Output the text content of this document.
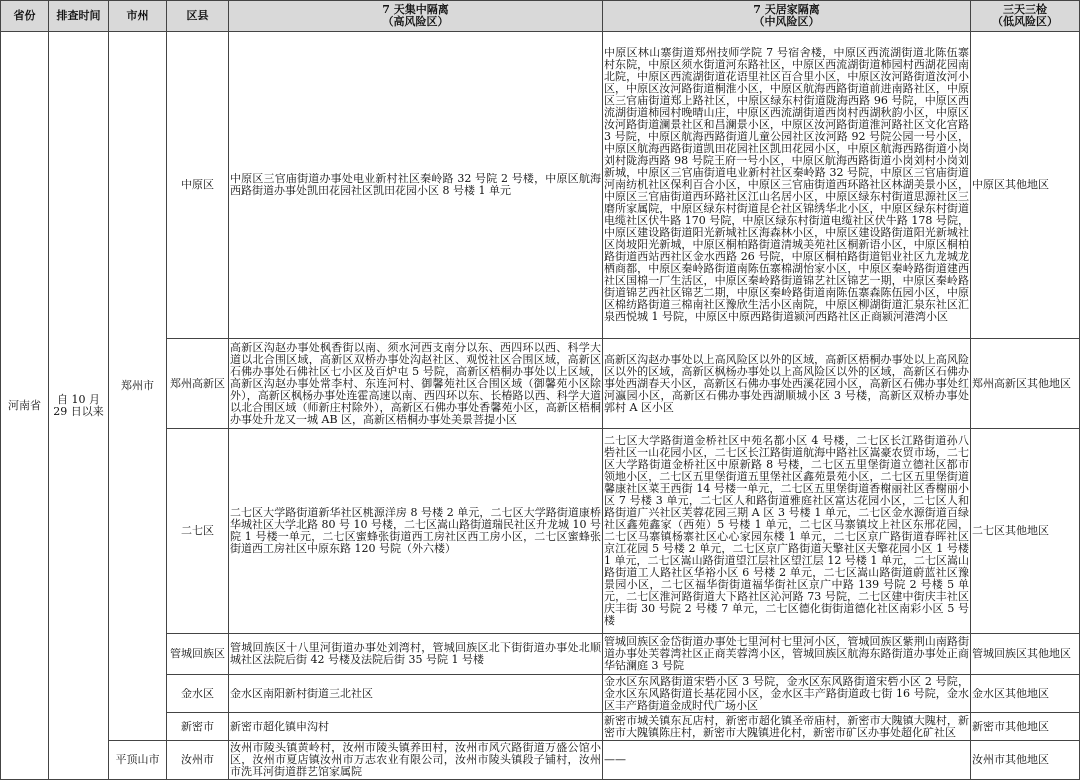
省份	排查时间	市州	区县	7 天集中隔离
（高风险区）	7 天居家隔离
（中风险区）	三天三检
（低风险区）
河南省	自 10 月 29 日以来	郑州市	中原区	中原区三官庙街道办事处电业新村社区秦岭路 32 号院 2 号楼，中原区航海西路街道办事处凯田花园社区凯田花园小区 8 号楼 1 单元	中原区林山寨街道郑州技师学院 7 号宿舍楼，中原区西流湖街道北陈伍寨村东院，中原区须水街道河东路社区，中原区西流湖街道柿园村西湖花园南北院，中原区西流湖街道花语里社区百合里小区，中原区汝河路街道汝河小区，中原区汝河路街道桐淮小区，中原区航海西路街道前进南路社区，中原区三官庙街道郑上路社区，中原区绿东村街道陇海西路 96 号院，中原区西流湖街道柿园村晚晴山庄，中原区西流湖街道西岗村西湖秋韵小区，中原区汝河路街道澜景社区和昌澜景小区，中原区汝河路街道淮河路社区文化宫路 3 号院，中原区航海西路街道儿童公园社区汝河路 92 号院公园一号小区，中原区航海西路街道凯田花园社区凯田花园小区，中原区航海西路街道小岗刘村陇海西路 98 号院王府一号小区，中原区航海西路街道小岗刘村小岗刘新城，中原区三官庙街道电业新村社区秦岭路 32 号院，中原区三官庙街道河南纺机社区保利百合小区，中原区三官庙街道西环路社区林湖美景小区，中原区三官庙街道西环路社区江山名居小区，中原区绿东村街道思源社区三磨所家属院，中原区绿东村街道昆仑社区锦绣华北小区，中原区绿东村街道电缆社区伏牛路 170 号院，中原区绿东村街道电缆社区伏牛路 178 号院，中原区建设路街道阳光新城社区海森林小区，中原区建设路街道阳光新城社区岗坡阳光新城，中原区桐柏路街道清城美苑社区桐新语小区，中原区桐柏路街道西站西社区金水西路 26 号院，中原区桐柏路街道铝业社区九龙城龙栖商都，中原区秦岭路街道南陈伍寨棉湖怡家小区，中原区秦岭路街道建西社区国棉一厂生活区，中原区秦岭路街道锦艺社区锦艺一期，中原区秦岭路街道锦艺西社区锦艺二期，中原区秦岭路街道南陈伍寨森陈伍园小区，中原区棉纺路街道三棉南社区豫欣生活小区南院，中原区柳湖街道汇泉东社区汇泉西悦城 1 号院，中原区中原西路街道颍河西路社区正商颍河港湾小区	中原区其他地区

			郑州高新区	高新区沟赵办事处枫香街以南、须水河西支南分以东、西四环以西、科学大道以北合围区域，高新区双桥办事处沟赵社区、观悦社区合围区域，高新区石佛办事处石佛社区七小区及百炉屯 5 号院，高新区梧桐办事处以上区域，高新区沟赵办事处常李村、东连河村、御馨苑社区合围区域（御馨苑小区除外），高新区枫杨办事处连霍高速以南、西四环以东、长椿路以西、科学大道以北合围区域（师新庄村除外），高新区石佛办事处香馨苑小区，高新区梧桐办事处升龙又一城 AB 区，高新区梧桐办事处美景菩提小区	高新区沟赵办事处以上高风险区以外的区域，高新区梧桐办事处以上高风险区以外的区域，高新区枫杨办事处以上高风险区以外的区域，高新区石佛办事处西湖春天小区，高新区石佛办事处西溪花园小区，高新区石佛办事处红河瀛园小区，高新区石佛办事处西湖顺城小区 3 号楼，高新区双桥办事处郭村 A 区小区	郑州高新区其他地区

			二七区	二七区大学路街道新华社区桃源洋房 8 号楼 2 单元，二七区大学路街道康桥华城社区大学北路 80 号 10 号楼，二七区嵩山路街道瑞民社区升龙城 10 号院 1 号楼一单元，二七区蜜蜂张街道西工房社区西工房小区，二七区蜜蜂张街道西工房社区中原东路 120 号院（外六楼）	二七区大学路街道金桥社区中苑名都小区 4 号楼，二七区长江路街道孙八砦社区一山花园小区，二七区长江路街道航海中路社区嵩豪农贸市场，二七区大学路街道金桥社区中原新路 8 号楼，二七区五里堡街道立德社区都市领地小区，二七区五里堡街道五里堡社区鑫苑景苑小区，二七区五里堡街道馨康社区菜王西街 14 号楼一单元，二七区五里堡街道香榭丽社区香榭丽小区 7 号楼 3 单元，二七区人和路街道雅庭社区富达花园小区，二七区人和路街道广兴社区芙蓉花园三期 A 区 3 号楼 1 单元，二七区金水源街道百绿社区鑫苑鑫家（西苑）5 号楼 1 单元，二七区马寨镇坟上社区东邢花园，二七区马寨镇杨寨社区心心家园东楼 1 单元，二七区京广路街道春晖社区京江花园 5 号楼 2 单元，二七区京广路街道天擎社区天擎花园小区 1 号楼 1 单元，二七区嵩山路街道望江层社区望江层 12 号楼 1 单元，二七区嵩山路街道工人路社区华裕小区 6 号楼 2 单元，二七区嵩山路街道蔚蓝社区豫景园小区，二七区福华街街道福华街社区京广中路 139 号院 2 号楼 5 单元，二七区淮河路街道大下路社区沁河路 73 号院，二七区建中街庆丰社区庆丰街 30 号院 2 号楼 7 单元，二七区德化街街道德化社区南彩小区 5 号楼	二七区其他地区

			管城回族区	管城回族区十八里河街道办事处刘湾村，管城回族区北下街街道办事处北顺城社区法院后街 42 号楼及法院后街 35 号院 1 号楼	管城回族区金岱街道办事处七里河村七里河小区，管城回族区紫荆山南路街道办事处芙蓉湾社区正商芙蓉湾小区，管城回族区航海东路街道办事处正商华钻澜庭 3 号院	管城回族区其他地区

			金水区	金水区南阳新村街道三北社区	金水区东风路街道宋砦小区 3 号院，金水区东风路街道宋砦小区 2 号院，金水区东风路街道长基花园小区，金水区丰产路街道政七街 16 号院，金水区丰产路街道金成时代广场小区	金水区其他地区

			新密市	新密市超化镇申沟村	新密市城关镇东瓦店村，新密市超化镇圣帝庙村，新密市大隗镇大隗村，新密市大隗镇陈庄村，新密市大隗镇进化村，新密市矿区办事处超化矿社区	新密市其他地区

		平顶山市	汝州市	汝州市陵头镇黄岭村，汝州市陵头镇养田村，汝州市风穴路街道万盛公馆小区，汝州市夏店镇汝州市万志农业有限公司，汝州市陵头镇段子铺村，汝州市洗耳河街道群艺馆家属院	——	汝州市其他地区
